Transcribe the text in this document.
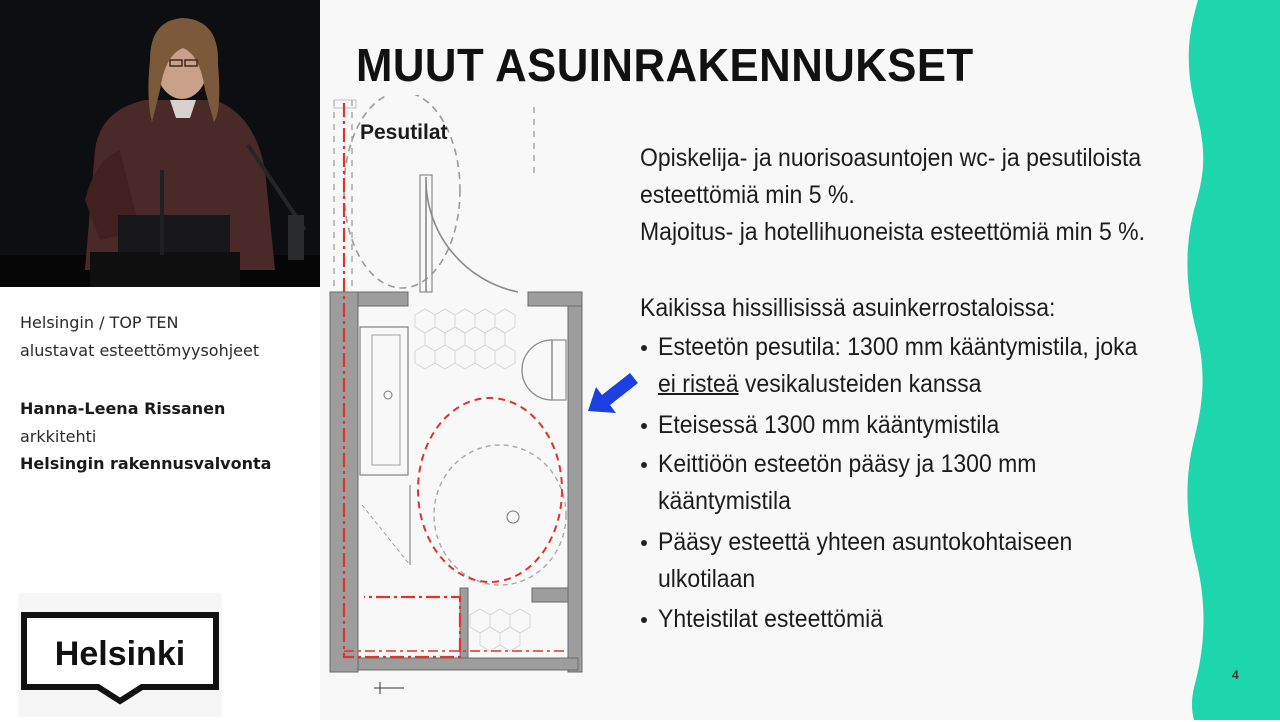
Helsingin / TOP TEN
alustavat esteettömyysohjeet
Hanna-Leena Rissanen
arkkitehti
Helsingin rakennusvalvonta
Helsinki
MUUT ASUINRAKENNUKSET
Pesutilat
Opiskelija- ja nuorisoasuntojen wc- ja pesutiloista
esteettömiä min 5 %.
Majoitus- ja hotellihuoneista esteettömiä min 5 %.
Kaikissa hissillisissä asuinkerrostaloissa:
Esteetön pesutila: 1300 mm kääntymistila, joka
ei risteä vesikalusteiden kanssa
Eteisessä 1300 mm kääntymistila
Keittiöön esteetön pääsy ja 1300 mm
kääntymistila
Pääsy esteettä yhteen asuntokohtaiseen
ulkotilaan
Yhteistilat esteettömiä
4
